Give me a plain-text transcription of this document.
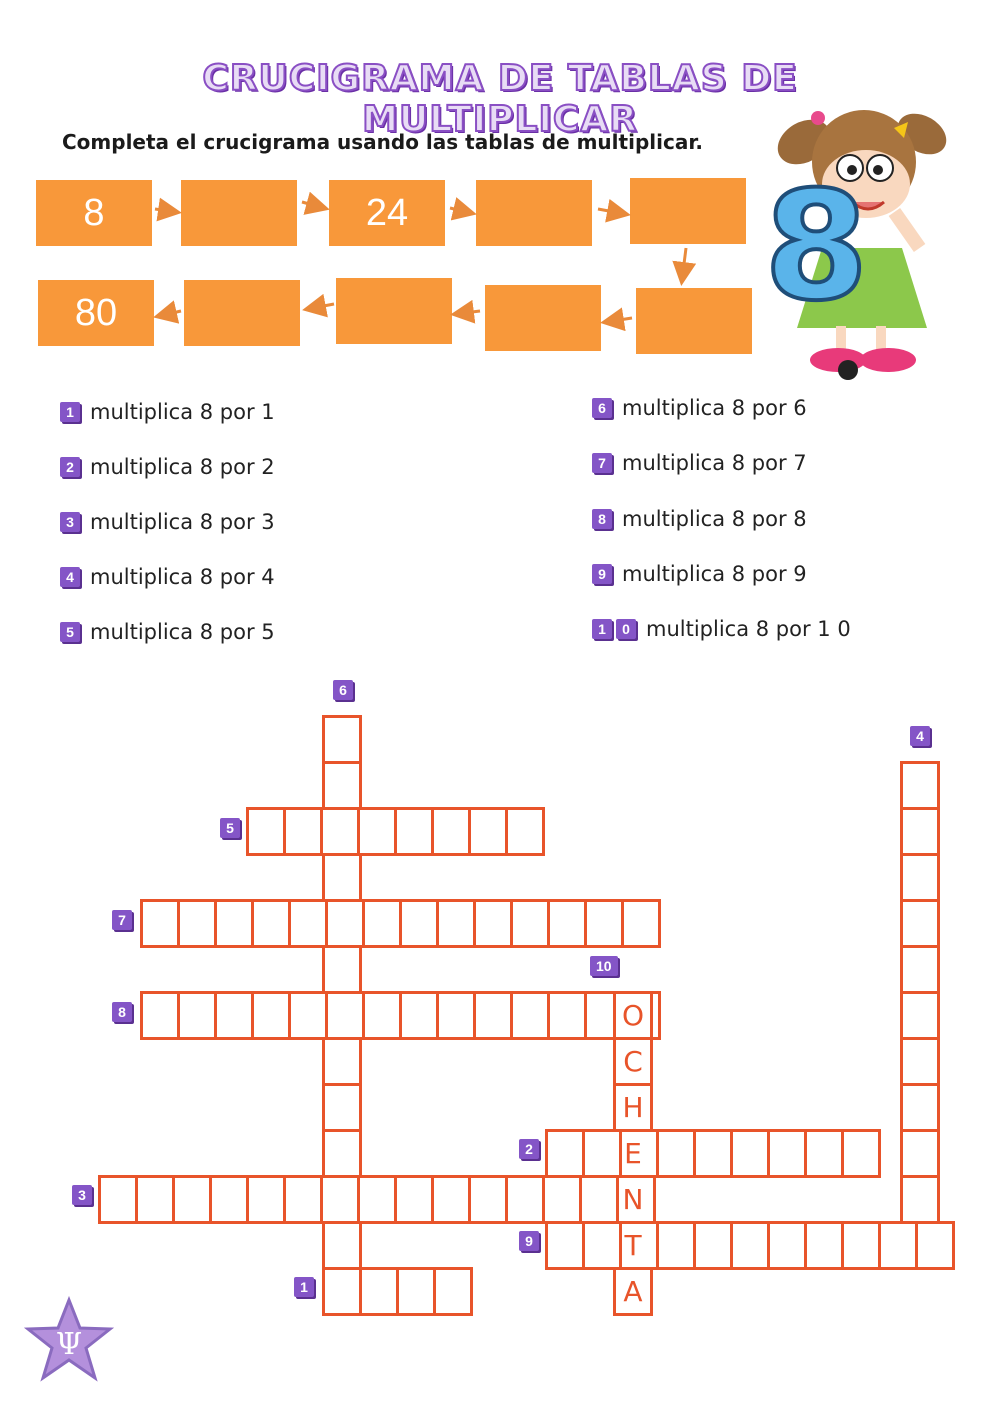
CRUCIGRAMA DE TABLAS DE MULTIPLICAR
Completa el crucigrama usando las tablas de multiplicar.
8	24
80	8
1 multiplica 8 por 1
2 multiplica 8 por 2
3 multiplica 8 por 3
4 multiplica 8 por 4
5 multiplica 8 por 5
6 multiplica 8 por 6
7 multiplica 8 por 7
8 multiplica 8 por 8
9 multiplica 8 por 9
1	0 multiplica 8 por 1 0
6
4
5
7
10
8
2
3
9
1
O
C
H
E
N
T
A
Ψ
